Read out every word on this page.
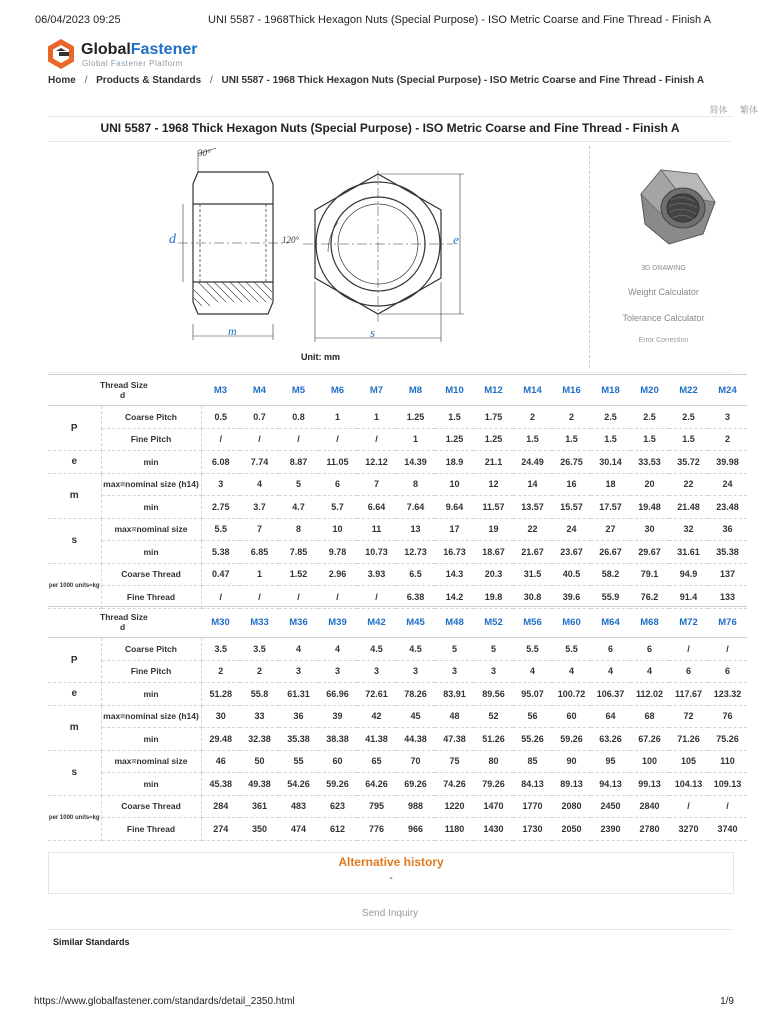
06/04/2023 09:25	UNI 5587 - 1968Thick Hexagon Nuts (Special Purpose) - ISO Metric Coarse and Fine Thread - Finish A
GlobalFastener
Global Fastener Platform
Home / Products & Standards / UNI 5587 - 1968 Thick Hexagon Nuts (Special Purpose) - ISO Metric Coarse and Fine Thread - Finish A
简体 繁体
UNI 5587 - 1968 Thick Hexagon Nuts (Special Purpose) - ISO Metric Coarse and Fine Thread - Finish A
30°
120°
d
m	s
e
Unit: mm
3D DRAWING
Weight Calculator
Tolerance Calculator
Error Correction
Thread Size
d		M3	M4	M5	M6	M7	M8	M10	M12	M14	M16	M18	M20	M22	M24
P	Coarse Pitch	0.5	0.7	0.8	1	1	1.25	1.5	1.75	2	2	2.5	2.5	2.5	3
	Fine Pitch	/	/	/	/	/	1	1.25	1.25	1.5	1.5	1.5	1.5	1.5	2
e	min	6.08	7.74	8.87	11.05	12.12	14.39	18.9	21.1	24.49	26.75	30.14	33.53	35.72	39.98
m	max=nominal size (h14)	3	4	5	6	7	8	10	12	14	16	18	20	22	24
	min	2.75	3.7	4.7	5.7	6.64	7.64	9.64	11.57	13.57	15.57	17.57	19.48	21.48	23.48
s	max=nominal size	5.5	7	8	10	11	13	17	19	22	24	27	30	32	36
	min	5.38	6.85	7.85	9.78	10.73	12.73	16.73	18.67	21.67	23.67	26.67	29.67	31.61	35.38
per 1000 units≈kg	Coarse Thread	0.47	1	1.52	2.96	3.93	6.5	14.3	20.3	31.5	40.5	58.2	79.1	94.9	137
	Fine Thread	/	/	/	/	/	6.38	14.2	19.8	30.8	39.6	55.9	76.2	91.4	133
Thread Size
d		M30	M33	M36	M39	M42	M45	M48	M52	M56	M60	M64	M68	M72	M76
P	Coarse Pitch	3.5	3.5	4	4	4.5	4.5	5	5	5.5	5.5	6	6	/	/
	Fine Pitch	2	2	3	3	3	3	3	3	4	4	4	4	6	6
e	min	51.28	55.8	61.31	66.96	72.61	78.26	83.91	89.56	95.07	100.72	106.37	112.02	117.67	123.32
m	max=nominal size (h14)	30	33	36	39	42	45	48	52	56	60	64	68	72	76
	min	29.48	32.38	35.38	38.38	41.38	44.38	47.38	51.26	55.26	59.26	63.26	67.26	71.26	75.26
s	max=nominal size	46	50	55	60	65	70	75	80	85	90	95	100	105	110
	min	45.38	49.38	54.26	59.26	64.26	69.26	74.26	79.26	84.13	89.13	94.13	99.13	104.13	109.13
per 1000 units≈kg	Coarse Thread	284	361	483	623	795	988	1220	1470	1770	2080	2450	2840	/	/
	Fine Thread	274	350	474	612	776	966	1180	1430	1730	2050	2390	2780	3270	3740
Alternative history
-
Send Inquiry
Similar Standards
https://www.globalfastener.com/standards/detail_2350.html	1/9
